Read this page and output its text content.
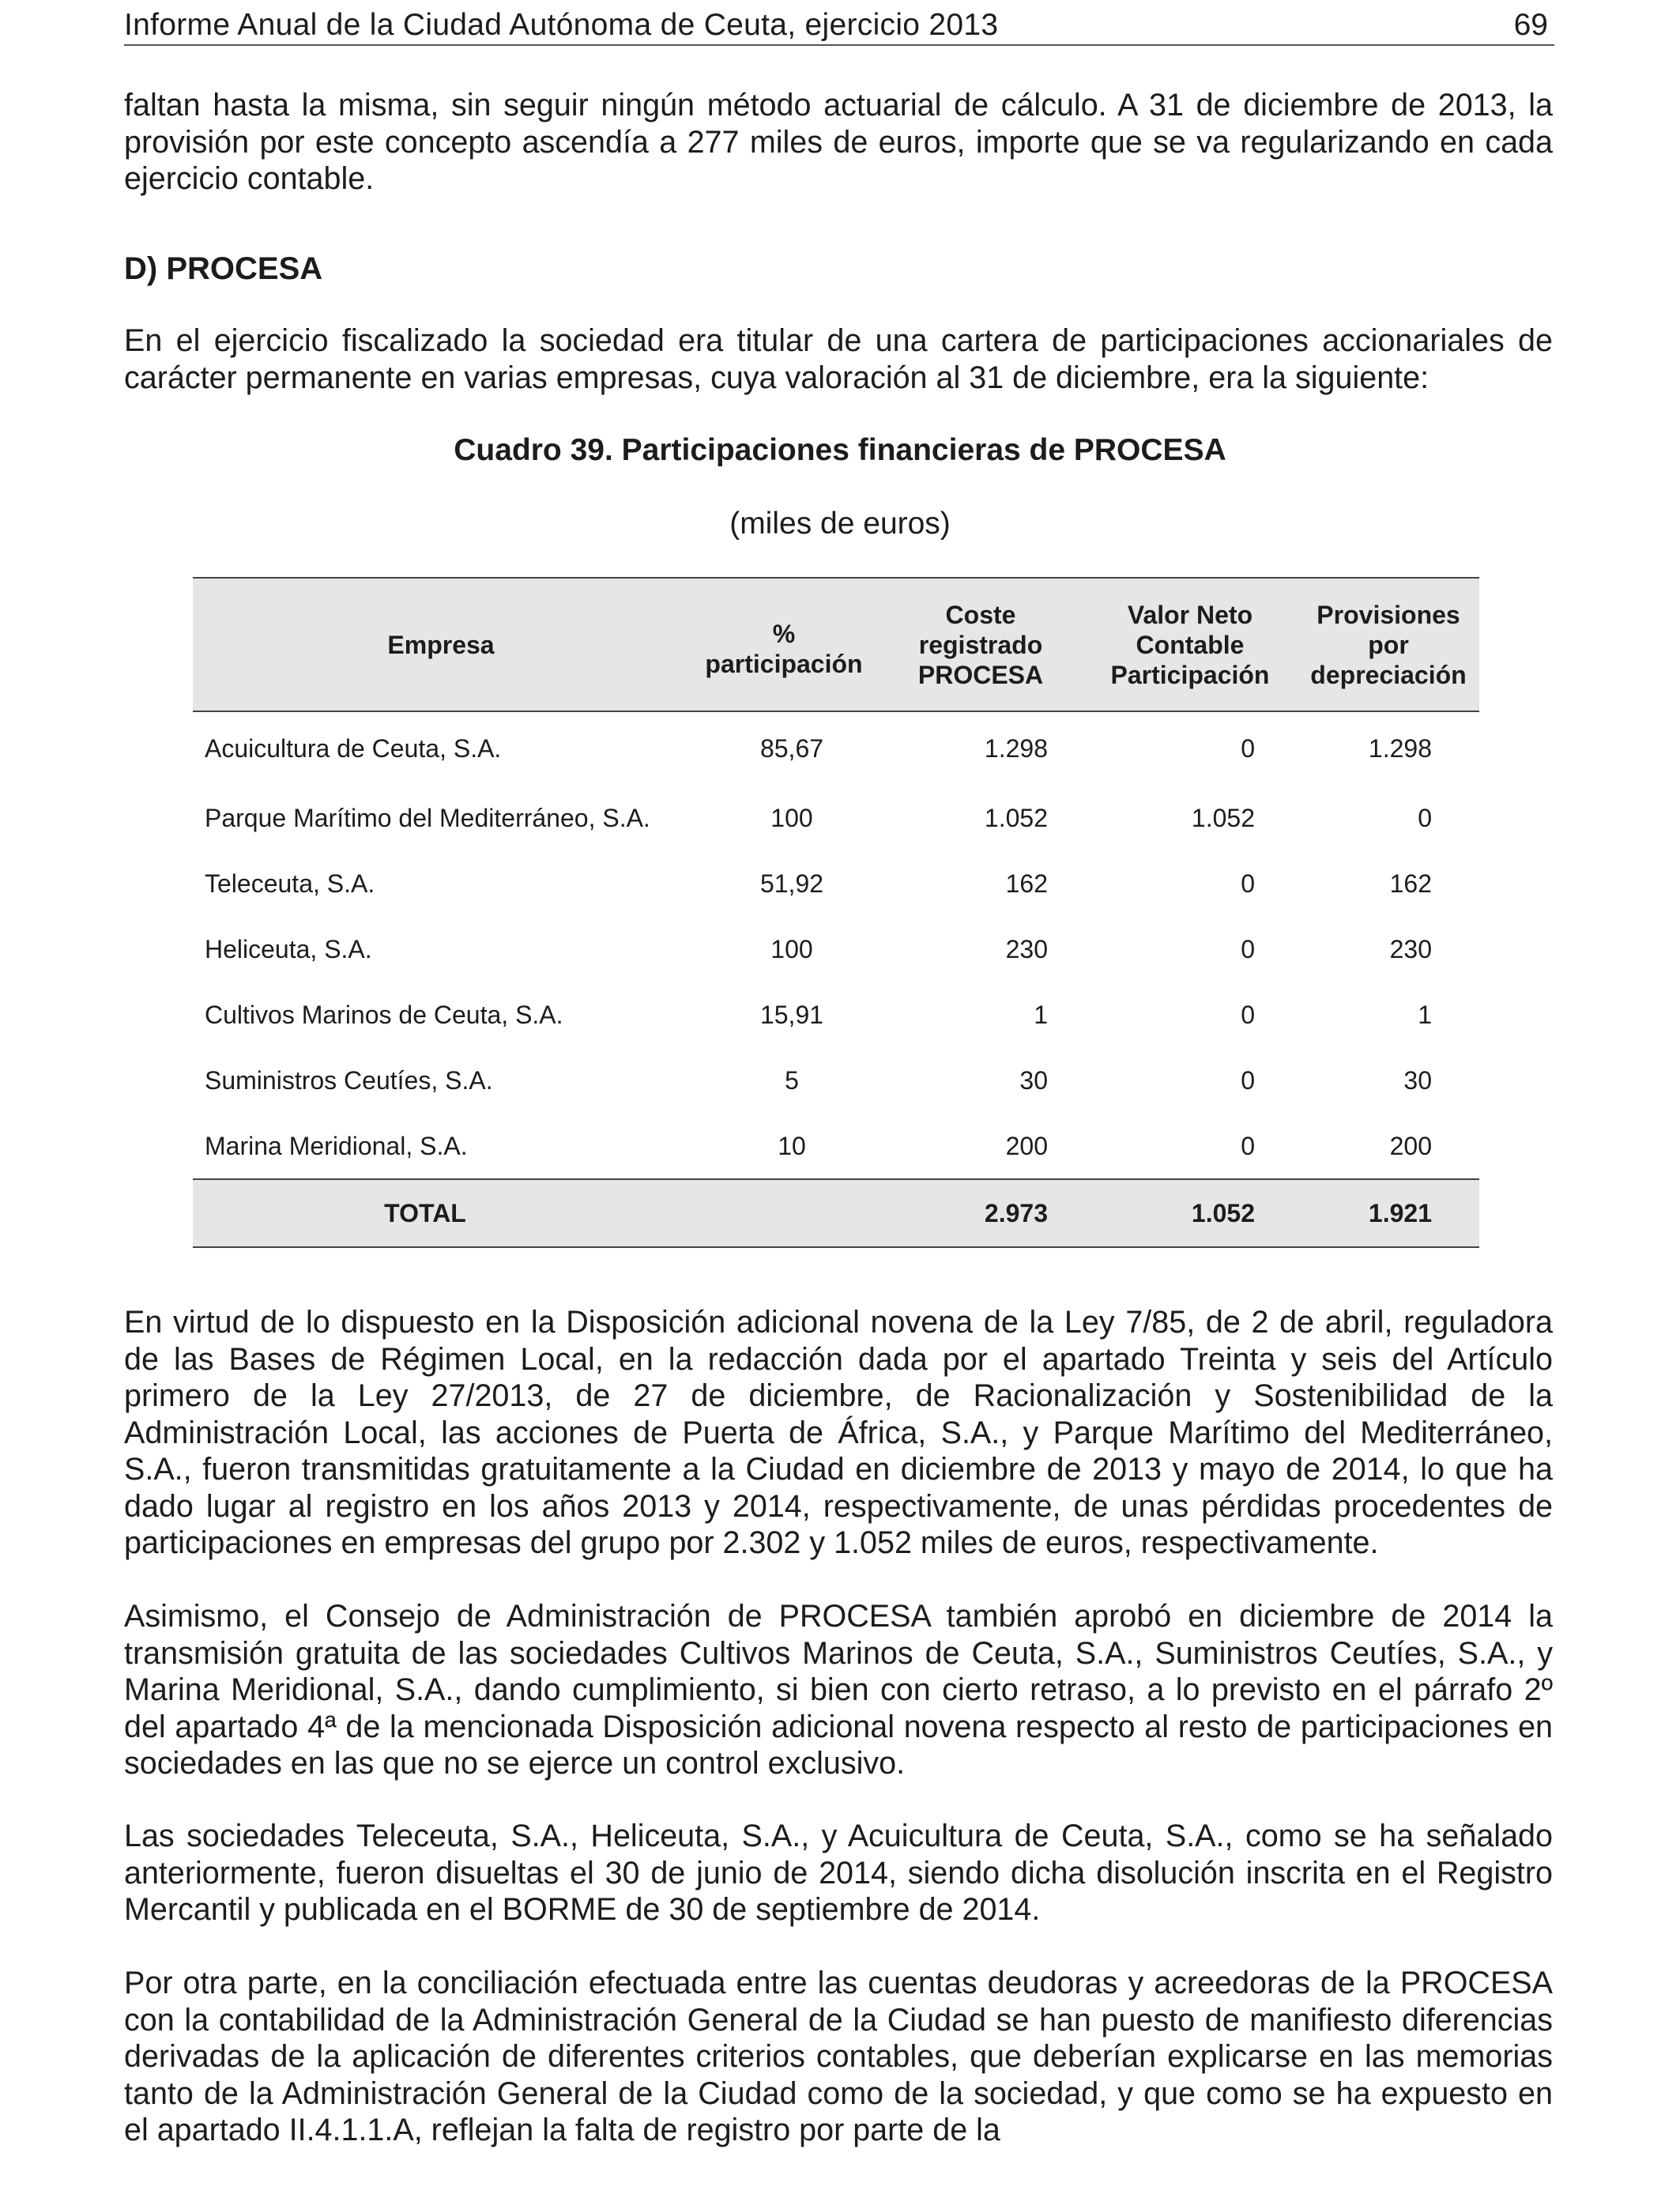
Informe Anual de la Ciudad Autónoma de Ceuta, ejercicio 2013	69

faltan hasta la misma, sin seguir ningún método actuarial de cálculo. A 31 de diciembre de 2013, la provisión por este concepto ascendía a 277 miles de euros, importe que se va regularizando en cada ejercicio contable.

D) PROCESA

En el ejercicio fiscalizado la sociedad era titular de una cartera de participaciones accionariales de carácter permanente en varias empresas, cuya valoración al 31 de diciembre, era la siguiente:

Cuadro 39. Participaciones financieras de PROCESA

(miles de euros)

Empresa	% participación	Coste registrado PROCESA	Valor Neto Contable Participación	Provisiones por depreciación
Acuicultura de Ceuta, S.A.	85,67	1.298	0	1.298
Parque Marítimo del Mediterráneo, S.A.	100	1.052	1.052	0
Teleceuta, S.A.	51,92	162	0	162
Heliceuta, S.A.	100	230	0	230
Cultivos Marinos de Ceuta, S.A.	15,91	1	0	1
Suministros Ceutíes, S.A.	5	30	0	30
Marina Meridional, S.A.	10	200	0	200
TOTAL		2.973	1.052	1.921

En virtud de lo dispuesto en la Disposición adicional novena de la Ley 7/85, de 2 de abril, reguladora de las Bases de Régimen Local, en la redacción dada por el apartado Treinta y seis del Artículo primero de la Ley 27/2013, de 27 de diciembre, de Racionalización y Sostenibilidad de la Administración Local, las acciones de Puerta de África, S.A., y Parque Marítimo del Mediterráneo, S.A., fueron transmitidas gratuitamente a la Ciudad en diciembre de 2013 y mayo de 2014, lo que ha dado lugar al registro en los años 2013 y 2014, respectivamente, de unas pérdidas procedentes de participaciones en empresas del grupo por 2.302 y 1.052 miles de euros, respectivamente.

Asimismo, el Consejo de Administración de PROCESA también aprobó en diciembre de 2014 la transmisión gratuita de las sociedades Cultivos Marinos de Ceuta, S.A., Suministros Ceutíes, S.A., y Marina Meridional, S.A., dando cumplimiento, si bien con cierto retraso, a lo previsto en el párrafo 2º del apartado 4ª de la mencionada Disposición adicional novena respecto al resto de participaciones en sociedades en las que no se ejerce un control exclusivo.

Las sociedades Teleceuta, S.A., Heliceuta, S.A., y Acuicultura de Ceuta, S.A., como se ha señalado anteriormente, fueron disueltas el 30 de junio de 2014, siendo dicha disolución inscrita en el Registro Mercantil y publicada en el BORME de 30 de septiembre de 2014.

Por otra parte, en la conciliación efectuada entre las cuentas deudoras y acreedoras de la PROCESA con la contabilidad de la Administración General de la Ciudad se han puesto de manifiesto diferencias derivadas de la aplicación de diferentes criterios contables, que deberían explicarse en las memorias tanto de la Administración General de la Ciudad como de la sociedad, y que como se ha expuesto en el apartado II.4.1.1.A, reflejan la falta de registro por parte de la
